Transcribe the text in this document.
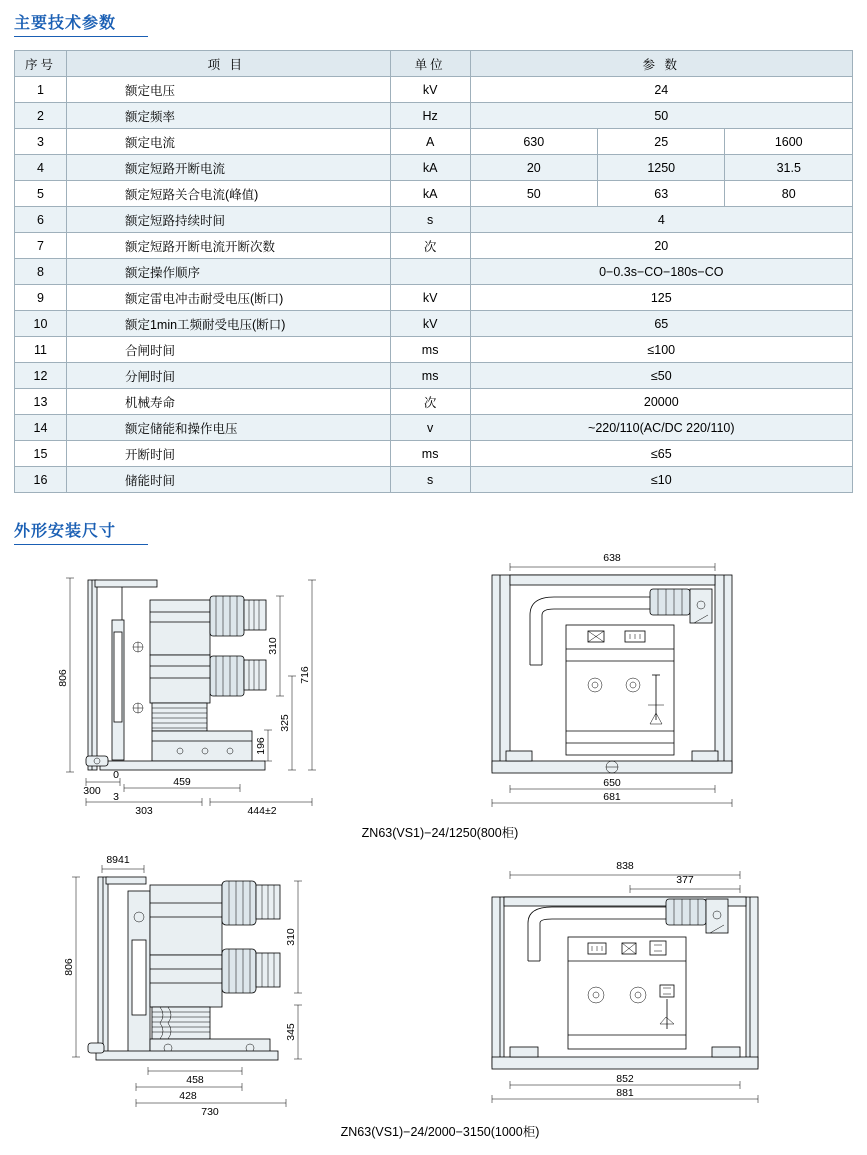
主要技术参数
序号	项 目	单位	参 数		
1	额定电压	kV	24		
2	额定频率	Hz	50		
3	额定电流	A	630	25	1600
4	额定短路开断电流	kA	20	1250	31.5
5	额定短路关合电流(峰值)	kA	50	63	80
6	额定短路持续时间	s	4		
7	额定短路开断电流开断次数	次	20		
8	额定操作顺序		0−0.3s−CO−180s−CO		
9	额定雷电冲击耐受电压(断口)	kV	125		
10	额定1min工频耐受电压(断口)	kV	65		
11	合闸时间	ms	≤100		
12	分闸时间	ms	≤50		
13	机械寿命	次	20000		
14	额定储能和操作电压	v	~220/110(AC/DC 220/110)		
15	开断时间	ms	≤65		
16	储能时间	s	≤10		
外形安装尺寸
806
310
716
325
196
300
0
3
459
303	444±2
638
650
681
ZN63(VS1)−24/1250(800柜)
8941
806
310
345
458
428
730
838
377
852
881
ZN63(VS1)−24/2000−3150(1000柜)
